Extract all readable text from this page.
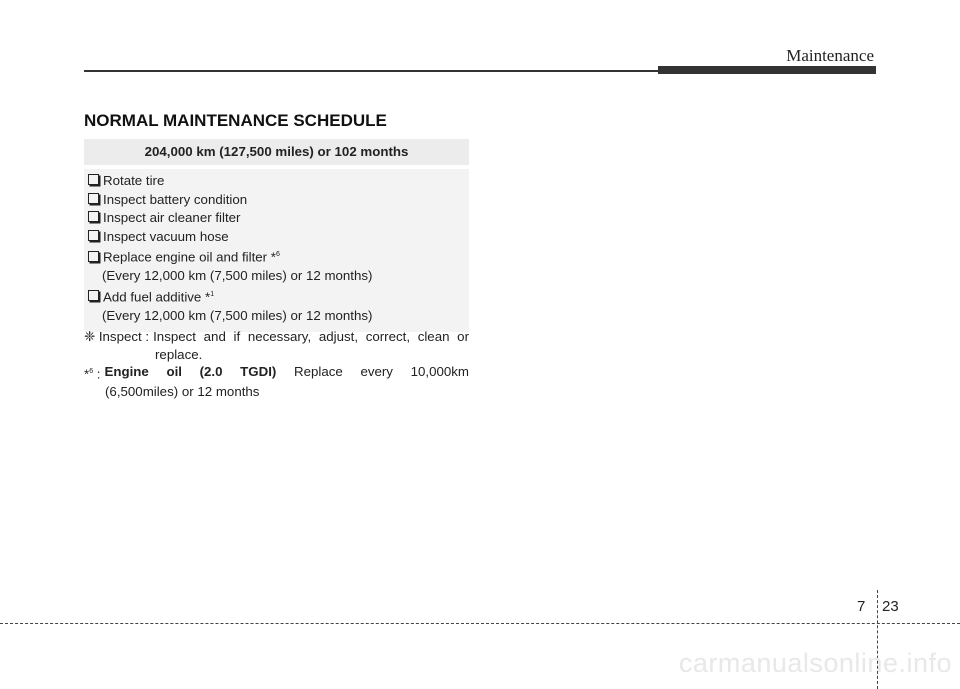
Maintenance
NORMAL MAINTENANCE SCHEDULE
204,000 km (127,500 miles) or 102 months
Rotate tire
Inspect battery condition
Inspect air cleaner filter
Inspect vacuum hose
Replace engine oil and filter *$^6$
(Every 12,000 km (7,500 miles) or 12 months)
Add fuel additive *$^1$
(Every 12,000 km (7,500 miles) or 12 months)
❈ Inspect : Inspect and if necessary, adjust, correct, clean or
replace.
*$^6$ : Engine oil (2.0 TGDI) Replace every 10,000km
(6,500miles) or 12 months
7 23
carmanualsonline.info
